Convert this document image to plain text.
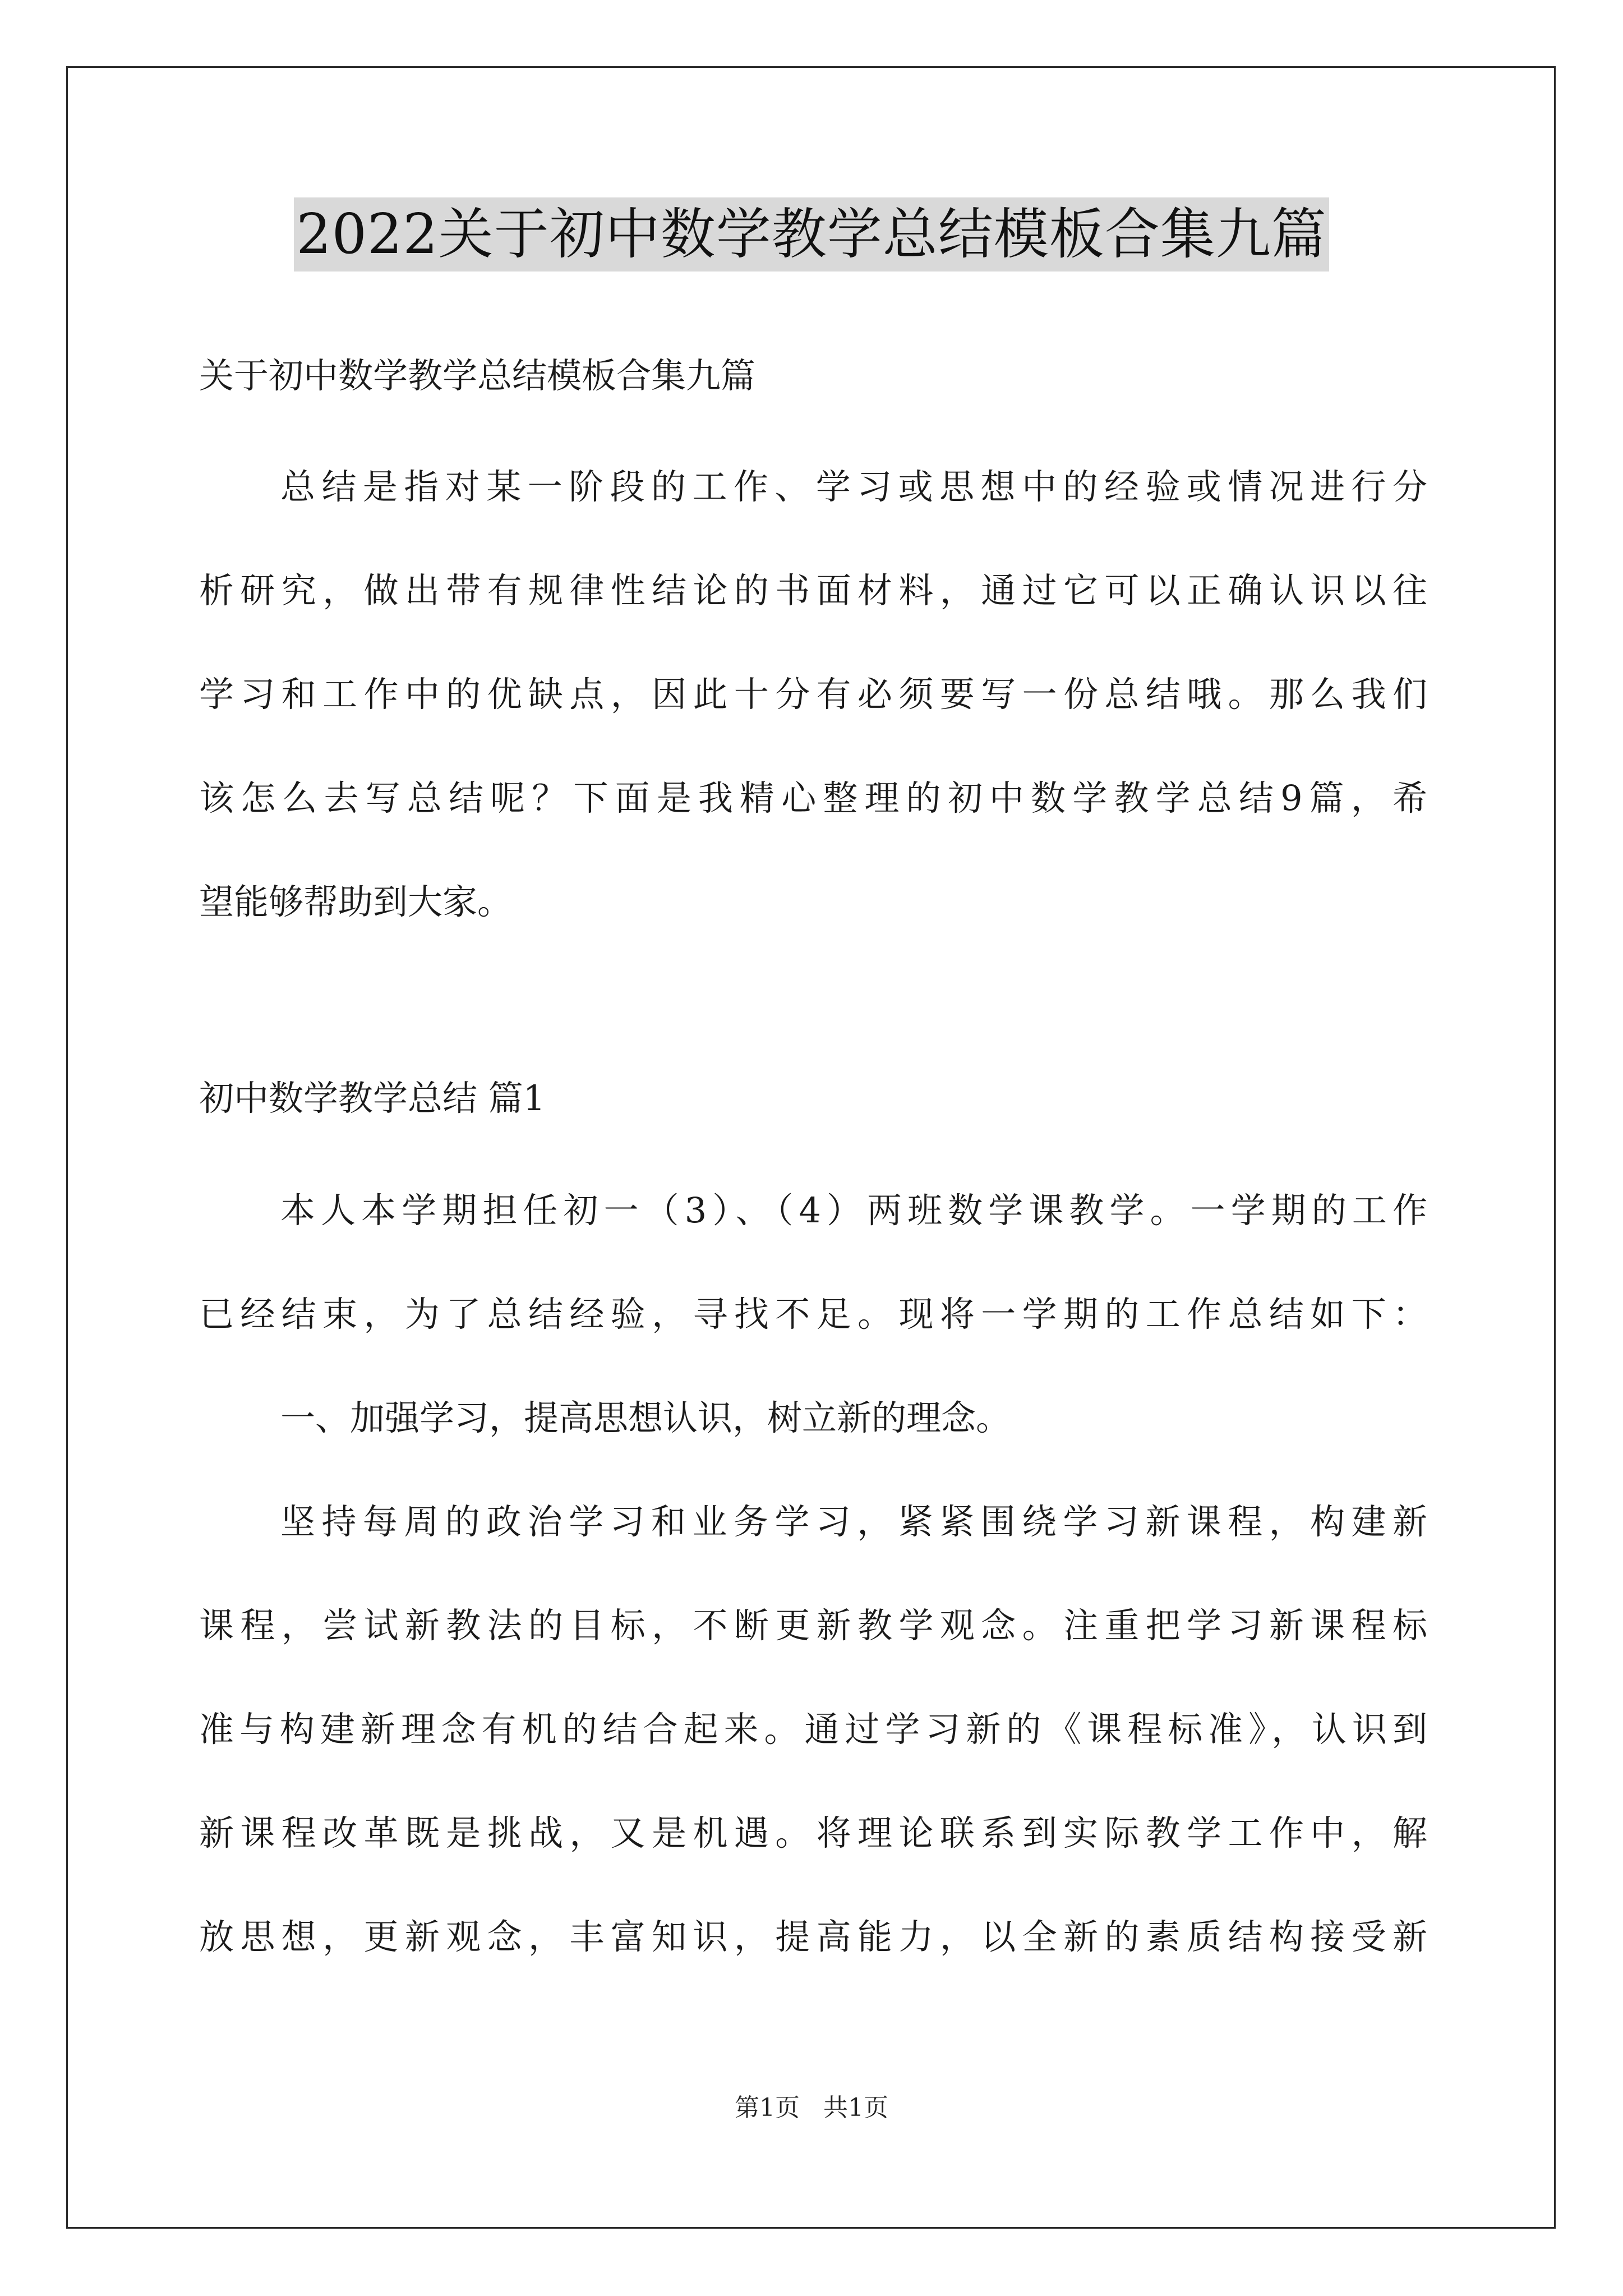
2022关于初中数学教学总结模板合集九篇
关于初中数学教学总结模板合集九篇
总结是指对某一阶段的工作、学习或思想中的经验或情况进行分
析研究，做出带有规律性结论的书面材料，通过它可以正确认识以往
学习和工作中的优缺点，因此十分有必须要写一份总结哦。那么我们
该怎么去写总结呢？下面是我精心整理的初中数学教学总结9篇，希
望能够帮助到大家。
初中数学教学总结 篇1
本人本学期担任初一（3）、（4）两班数学课教学。一学期的工作
已经结束，为了总结经验，寻找不足。现将一学期的工作总结如下：
一、加强学习，提高思想认识，树立新的理念。
坚持每周的政治学习和业务学习，紧紧围绕学习新课程，构建新
课程，尝试新教法的目标，不断更新教学观念。注重把学习新课程标
准与构建新理念有机的结合起来。通过学习新的《课程标准》，认识到
新课程改革既是挑战，又是机遇。将理论联系到实际教学工作中，解
放思想，更新观念，丰富知识，提高能力，以全新的素质结构接受新
第1页   共1页
